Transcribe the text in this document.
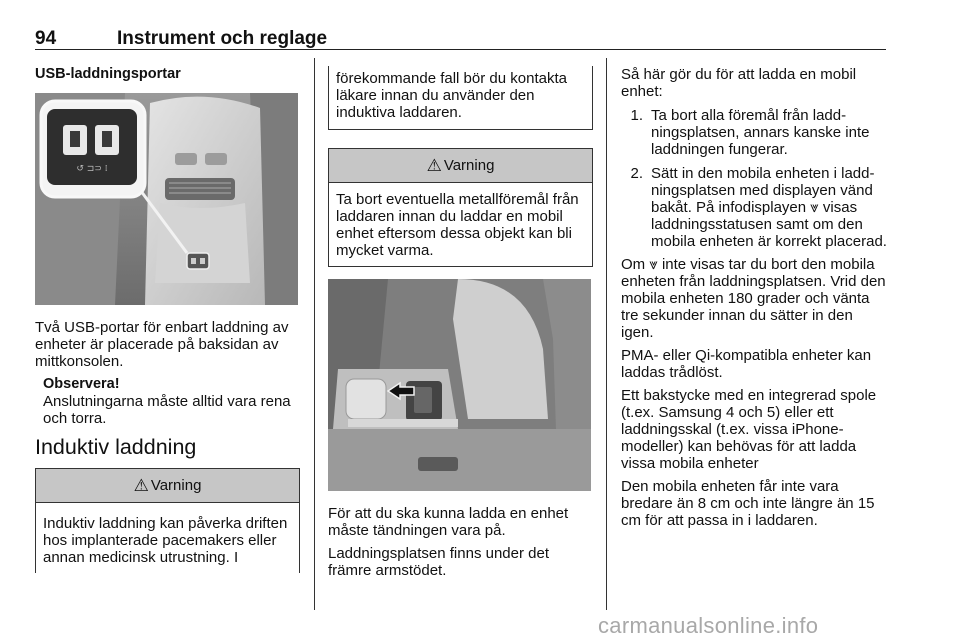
94	Instrument och reglage
USB-laddningsportar
↺ ⊐⊃ ⁞

Två USB-portar för enbart laddning av enheter är placerade på baksidan av mittkonsolen.

Observera!
Anslutningarna måste alltid vara rena och torra.
Induktiv laddning
⚠ Varning
Induktiv laddning kan påverka driften hos implanterade pacemakers eller annan medicinsk utrustning. I
förekommande fall bör du kontakta läkare innan du använder den induktiva laddaren.
⚠ Varning
Ta bort eventuella metallföremål från laddaren innan du laddar en mobil enhet eftersom dessa objekt kan bli mycket varma.

För att du ska kunna ladda en enhet måste tändningen vara på.

Laddningsplatsen finns under det främre armstödet.

Så här gör du för att ladda en mobil enhet:

1. Ta bort alla föremål från laddningsplatsen, annars kanske inte laddningen fungerar.
2. Sätt in den mobila enheten i laddningsplatsen med displayen vänd bakåt. På infodisplayen ⩔ visas laddningsstatusen samt om den mobila enheten är korrekt placerad.

Om ⩔ inte visas tar du bort den mobila enheten från laddningsplatsen. Vrid den mobila enheten 180 grader och vänta tre sekunder innan du sätter in den igen.

PMA- eller Qi-kompatibla enheter kan laddas trådlöst.

Ett bakstycke med en integrerad spole (t.ex. Samsung 4 och 5) eller ett laddningsskal (t.ex. vissa iPhone-modeller) kan behövas för att ladda vissa mobila enheter

Den mobila enheten får inte vara bredare än 8 cm och inte längre än 15 cm för att passa in i laddaren.

carmanualsonline.info
